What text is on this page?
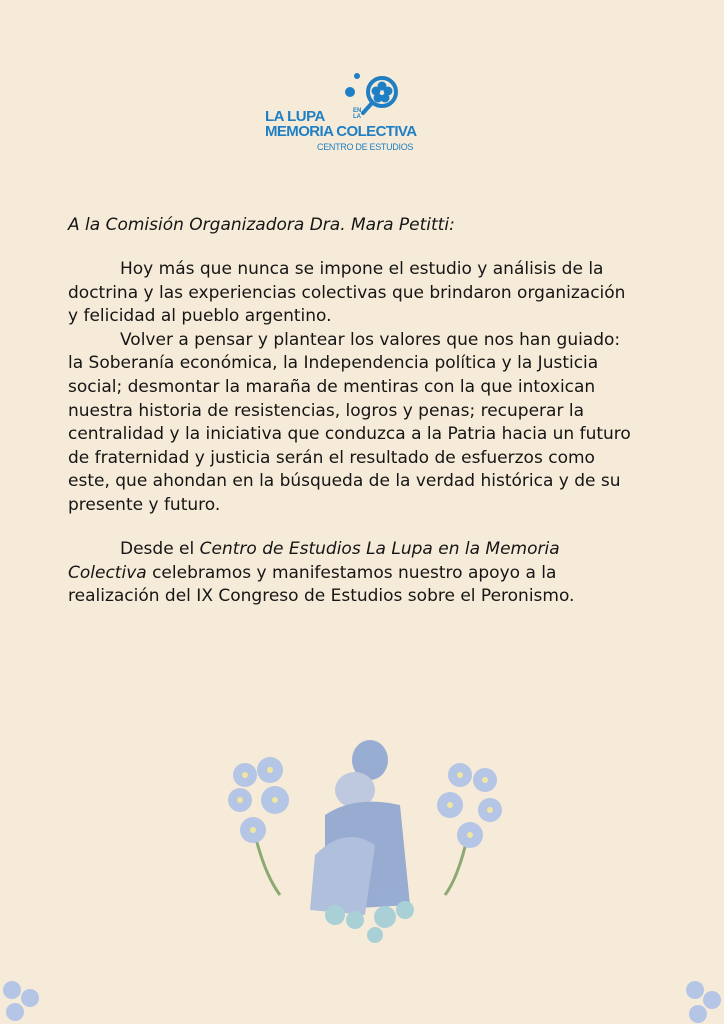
LA LUPA	EN
LA
MEMORIA COLECTIVA
CENTRO DE ESTUDIOS
A la Comisión Organizadora Dra. Mara Petitti:
Hoy más que nunca se impone el estudio y análisis de la
doctrina y las experiencias colectivas que brindaron organización
y felicidad al pueblo argentino.
Volver a pensar y plantear los valores que nos han guiado:
la Soberanía económica, la Independencia política y la Justicia
social; desmontar la maraña de mentiras con la que intoxican
nuestra historia de resistencias, logros y penas; recuperar la
centralidad y la iniciativa que conduzca a la Patria hacia un futuro
de fraternidad y justicia serán el resultado de esfuerzos como
este, que ahondan en la búsqueda de la verdad histórica y de su
presente y futuro.
Desde el Centro de Estudios La Lupa en la Memoria
Colectiva celebramos y manifestamos nuestro apoyo a la
realización del IX Congreso de Estudios sobre el Peronismo.
